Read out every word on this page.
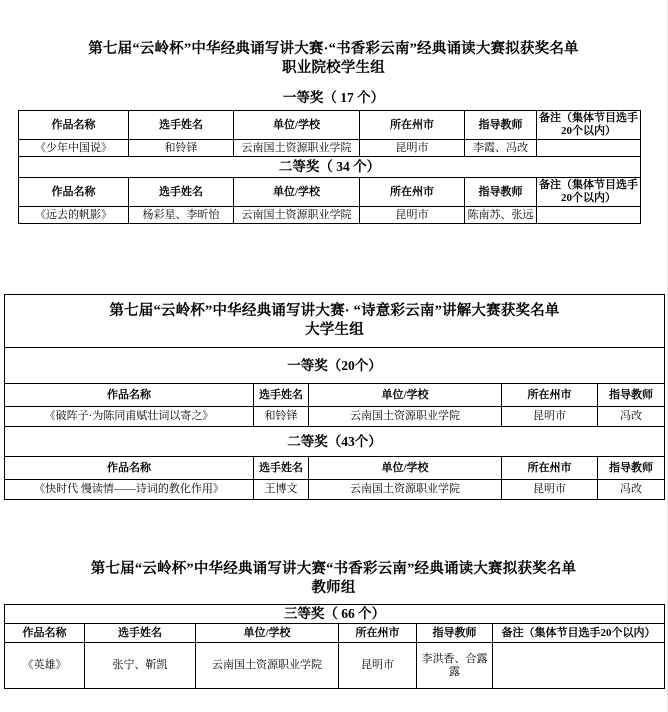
第七届“云岭杯”中华经典诵写讲大赛·“书香彩云南”经典诵读大赛拟获奖名单
职业院校学生组
一等奖（ 17 个）
作品名称	选手姓名	单位/学校	所在州市	指导教师	备注（集体节目选手20个以内）
《少年中国说》	和铃铎	云南国土资源职业学院	昆明市	李霞、冯改	
二等奖（ 34 个）					
作品名称	选手姓名	单位/学校	所在州市	指导教师	备注（集体节目选手20个以内）
《远去的帆影》	杨彩星、李昕怡	云南国土资源职业学院	昆明市	陈南苏、张远	
第七届“云岭杯”中华经典诵写讲大赛· “诗意彩云南”讲解大赛获奖名单
大学生组				

一等奖（20个）				
作品名称	选手姓名	单位/学校	所在州市	指导教师
《破阵子·为陈同甫赋壮词以寄之》	和铃铎	云南国土资源职业学院	昆明市	冯改
二等奖（43个）				
作品名称	选手姓名	单位/学校	所在州市	指导教师
《快时代 慢读情——诗词的教化作用》	王博文	云南国土资源职业学院	昆明市	冯改
第七届“云岭杯”中华经典诵写讲大赛“书香彩云南”经典诵读大赛拟获奖名单
教师组
三等奖（ 66 个）					
作品名称	选手姓名	单位/学校	所在州市	指导教师	备注（集体节目选手20个以内）
《英雄》	张宁、靳凯	云南国土资源职业学院	昆明市	李洪香、合露露	
